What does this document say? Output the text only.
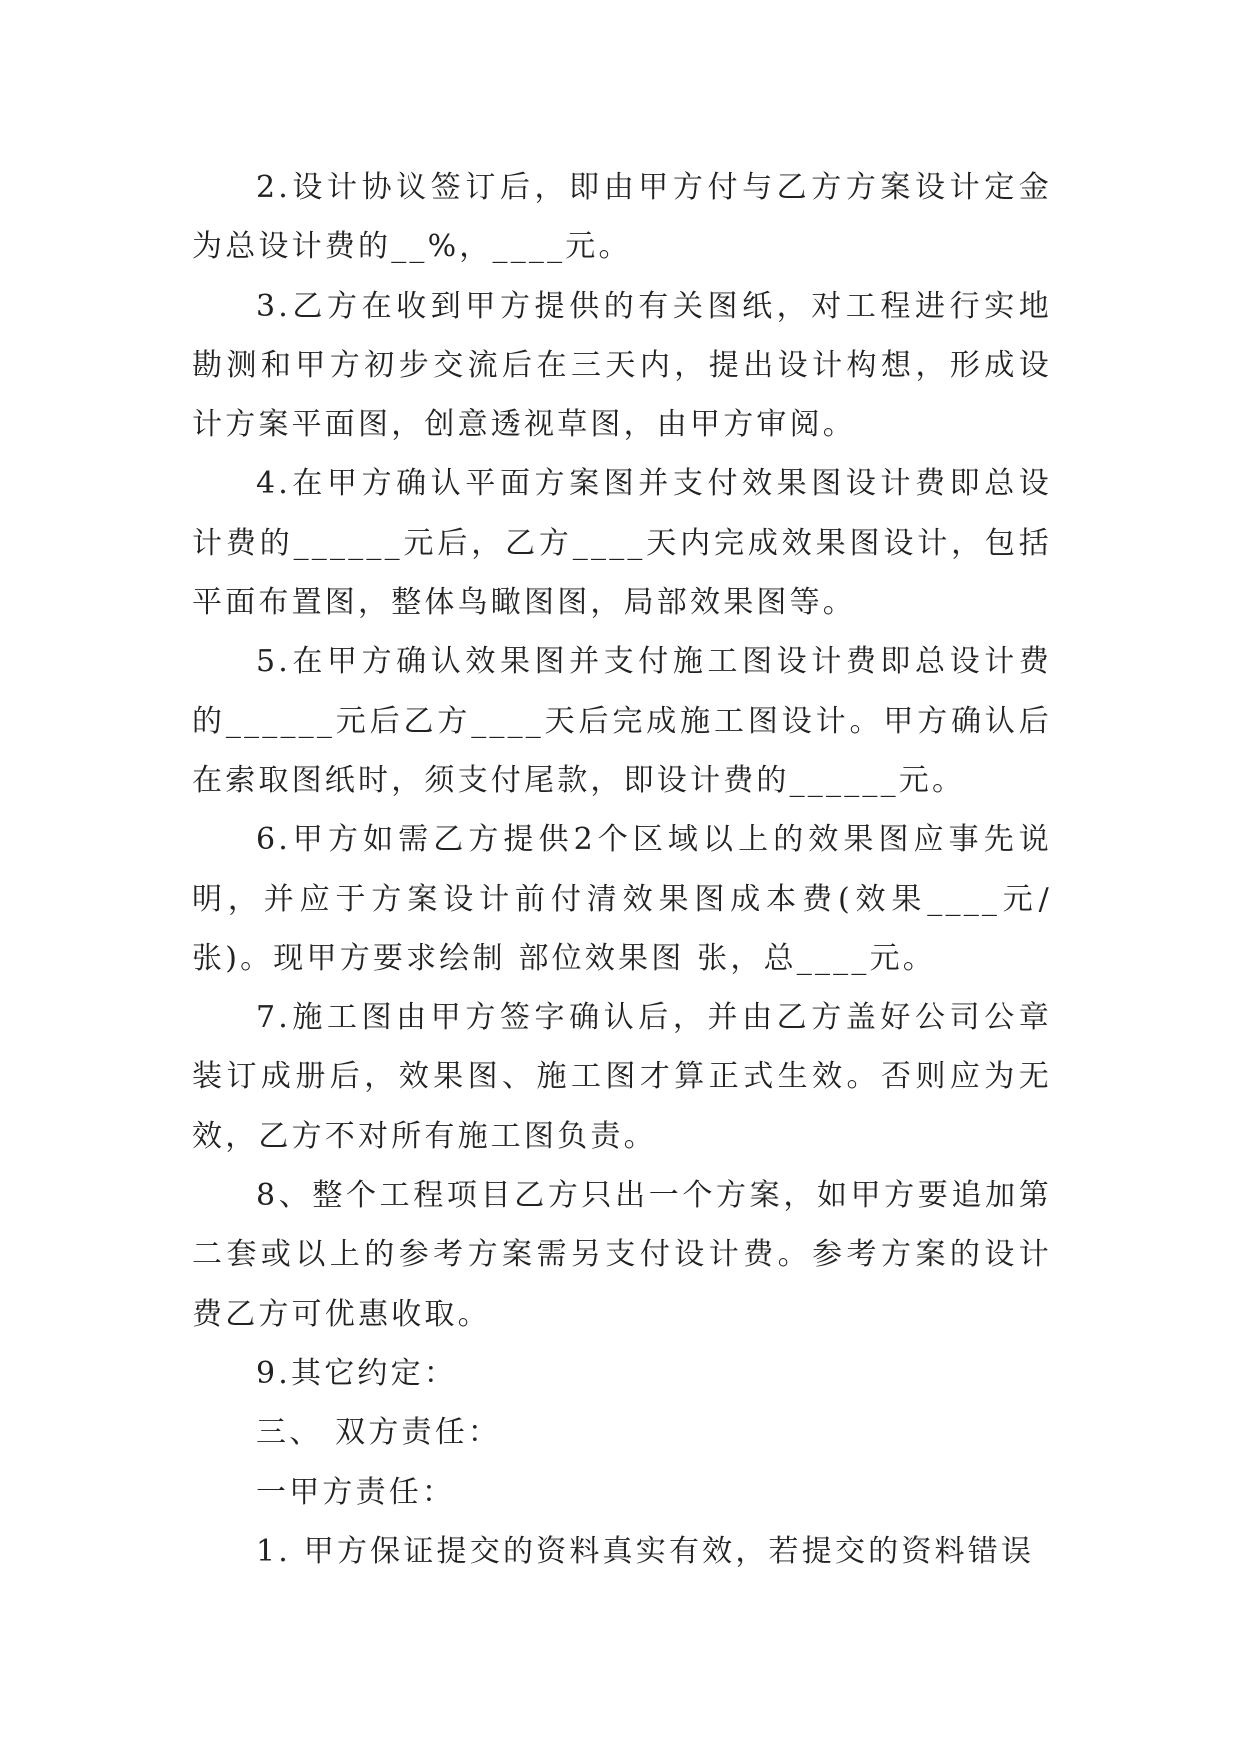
2.设计协议签订后，即由甲方付与乙方方案设计定金为总设计费的__%，____元。

3.乙方在收到甲方提供的有关图纸，对工程进行实地勘测和甲方初步交流后在三天内，提出设计构想，形成设计方案平面图，创意透视草图，由甲方审阅。

4.在甲方确认平面方案图并支付效果图设计费即总设计费的______元后，乙方____天内完成效果图设计，包括平面布置图，整体鸟瞰图图，局部效果图等。

5.在甲方确认效果图并支付施工图设计费即总设计费的______元后乙方____天后完成施工图设计。甲方确认后在索取图纸时，须支付尾款，即设计费的______元。

6.甲方如需乙方提供2个区域以上的效果图应事先说明，并应于方案设计前付清效果图成本费(效果____元/张)。现甲方要求绘制 部位效果图 张，总____元。

7.施工图由甲方签字确认后，并由乙方盖好公司公章装订成册后，效果图、施工图才算正式生效。否则应为无效，乙方不对所有施工图负责。

8、整个工程项目乙方只出一个方案，如甲方要追加第二套或以上的参考方案需另支付设计费。参考方案的设计费乙方可优惠收取。

9.其它约定：

三、 双方责任：

一甲方责任：

1. 甲方保证提交的资料真实有效，若提交的资料错误
